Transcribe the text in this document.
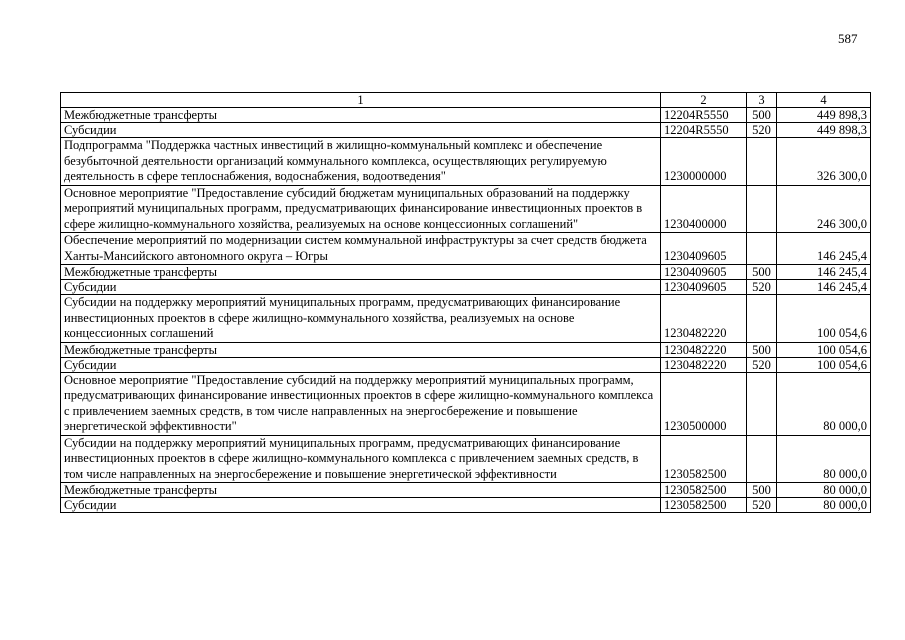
587
1	2	3	4
Межбюджетные трансферты	12204R5550	500	449 898,3
Субсидии	12204R5550	520	449 898,3
Подпрограмма "Поддержка частных инвестиций в жилищно-коммунальный комплекс и обеспечение безубыточной деятельности организаций коммунального комплекса, осуществляющих регулируемую деятельность в сфере теплоснабжения, водоснабжения, водоотведения"	1230000000		326 300,0
Основное мероприятие "Предоставление субсидий бюджетам муниципальных образований на поддержку мероприятий муниципальных программ, предусматривающих финансирование инвестиционных проектов в сфере жилищно-коммунального хозяйства, реализуемых на основе концессионных соглашений"	1230400000		246 300,0
Обеспечение мероприятий по модернизации систем коммунальной инфраструктуры за счет средств бюджета Ханты-Мансийского автономного округа – Югры	1230409605		146 245,4
Межбюджетные трансферты	1230409605	500	146 245,4
Субсидии	1230409605	520	146 245,4
Субсидии на поддержку мероприятий муниципальных программ, предусматривающих финансирование инвестиционных проектов в сфере жилищно-коммунального хозяйства, реализуемых на основе концессионных соглашений	1230482220		100 054,6
Межбюджетные трансферты	1230482220	500	100 054,6
Субсидии	1230482220	520	100 054,6
Основное мероприятие "Предоставление субсидий на поддержку мероприятий муниципальных программ, предусматривающих финансирование инвестиционных проектов в сфере жилищно-коммунального комплекса с привлечением заемных средств, в том числе направленных на энергосбережение и повышение энергетической эффективности"	1230500000		80 000,0
Субсидии на поддержку мероприятий муниципальных программ, предусматривающих финансирование инвестиционных проектов в сфере жилищно-коммунального комплекса с привлечением заемных средств, в том числе направленных на энергосбережение и повышение энергетической эффективности	1230582500		80 000,0
Межбюджетные трансферты	1230582500	500	80 000,0
Субсидии	1230582500	520	80 000,0
